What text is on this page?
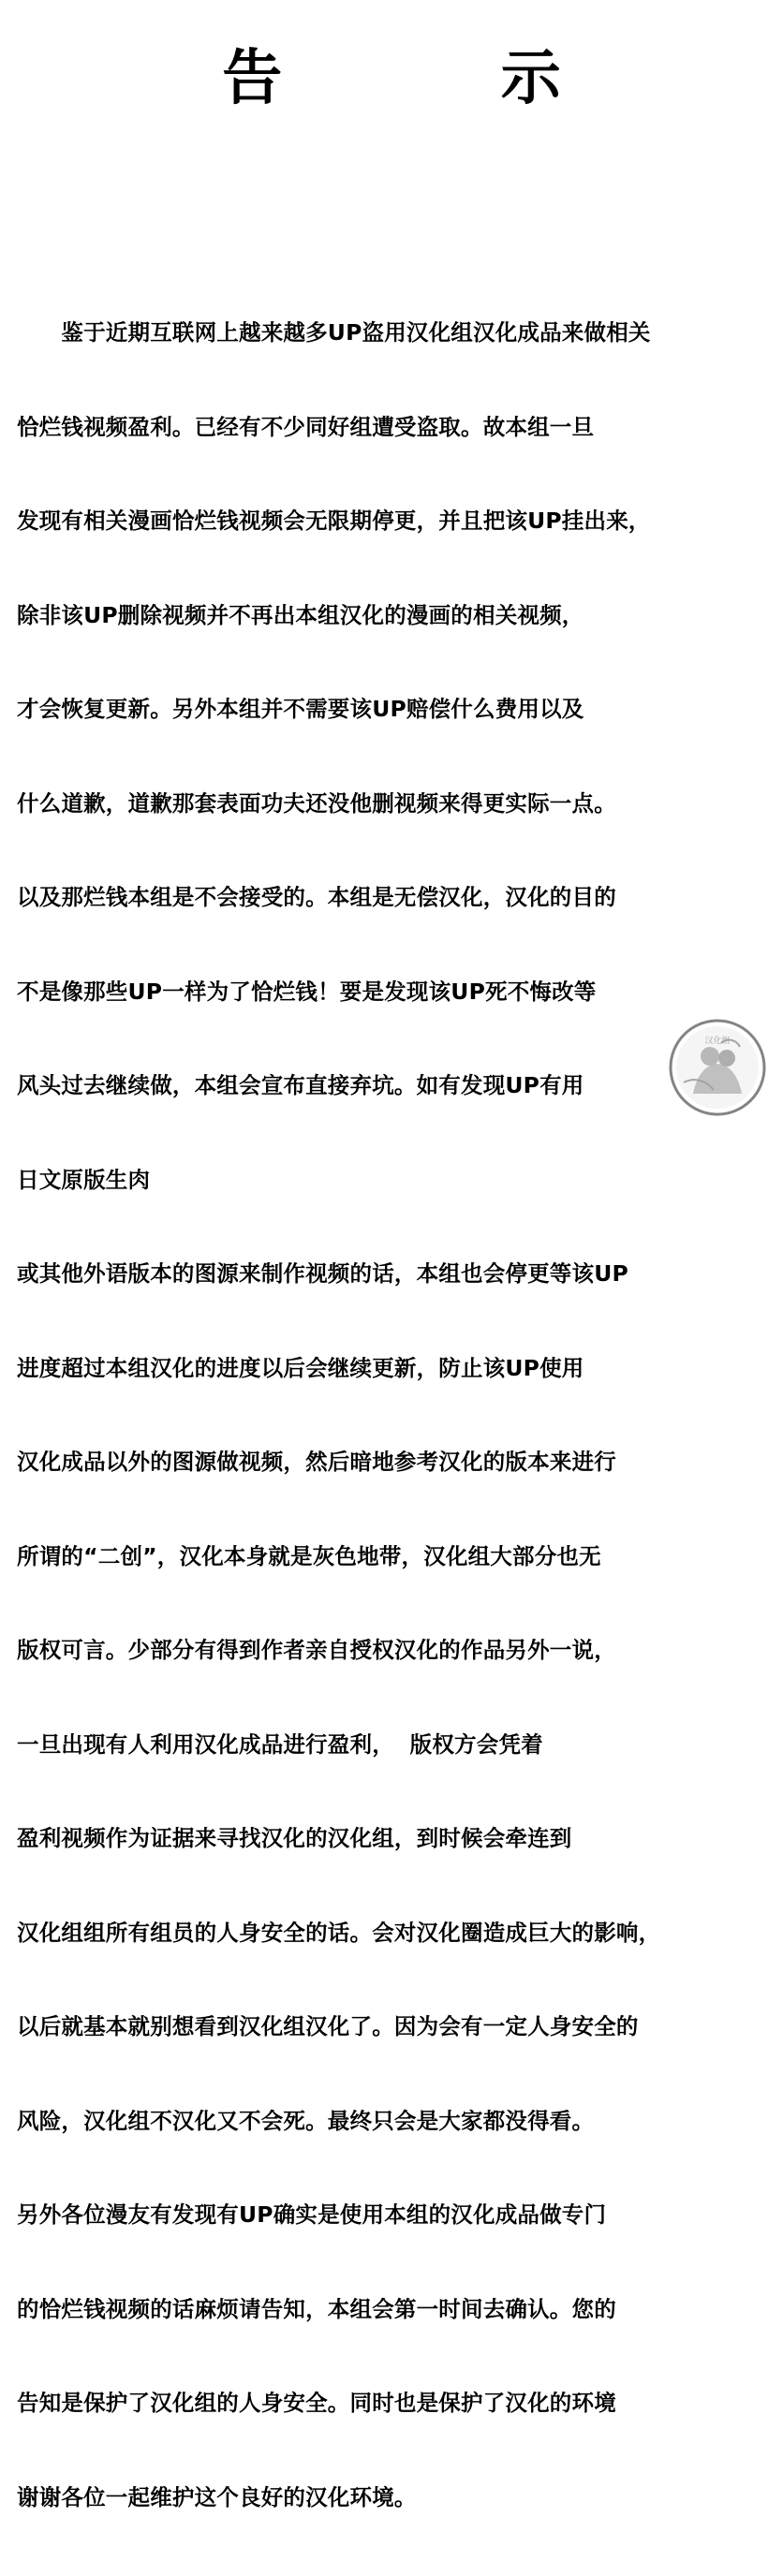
告　　示

　　鉴于近期互联网上越来越多UP盗用汉化组汉化成品来做相关

恰烂钱视频盈利。已经有不少同好组遭受盗取。故本组一旦

发现有相关漫画恰烂钱视频会无限期停更，并且把该UP挂出来，

除非该UP删除视频并不再出本组汉化的漫画的相关视频，

才会恢复更新。另外本组并不需要该UP赔偿什么费用以及

什么道歉，道歉那套表面功夫还没他删视频来得更实际一点。

以及那烂钱本组是不会接受的。本组是无偿汉化，汉化的目的

不是像那些UP一样为了恰烂钱！要是发现该UP死不悔改等

风头过去继续做，本组会宣布直接弃坑。如有发现UP有用

日文原版生肉

或其他外语版本的图源来制作视频的话，本组也会停更等该UP

进度超过本组汉化的进度以后会继续更新，防止该UP使用

汉化成品以外的图源做视频，然后暗地参考汉化的版本来进行

所谓的“二创”，汉化本身就是灰色地带，汉化组大部分也无

版权可言。少部分有得到作者亲自授权汉化的作品另外一说，

一旦出现有人利用汉化成品进行盈利，  版权方会凭着

盈利视频作为证据来寻找汉化的汉化组，到时候会牵连到

汉化组组所有组员的人身安全的话。会对汉化圈造成巨大的影响，

以后就基本就别想看到汉化组汉化了。因为会有一定人身安全的

风险，汉化组不汉化又不会死。最终只会是大家都没得看。

另外各位漫友有发现有UP确实是使用本组的汉化成品做专门

的恰烂钱视频的话麻烦请告知，本组会第一时间去确认。您的

告知是保护了汉化组的人身安全。同时也是保护了汉化的环境

谢谢各位一起维护这个良好的汉化环境。

汉化组
